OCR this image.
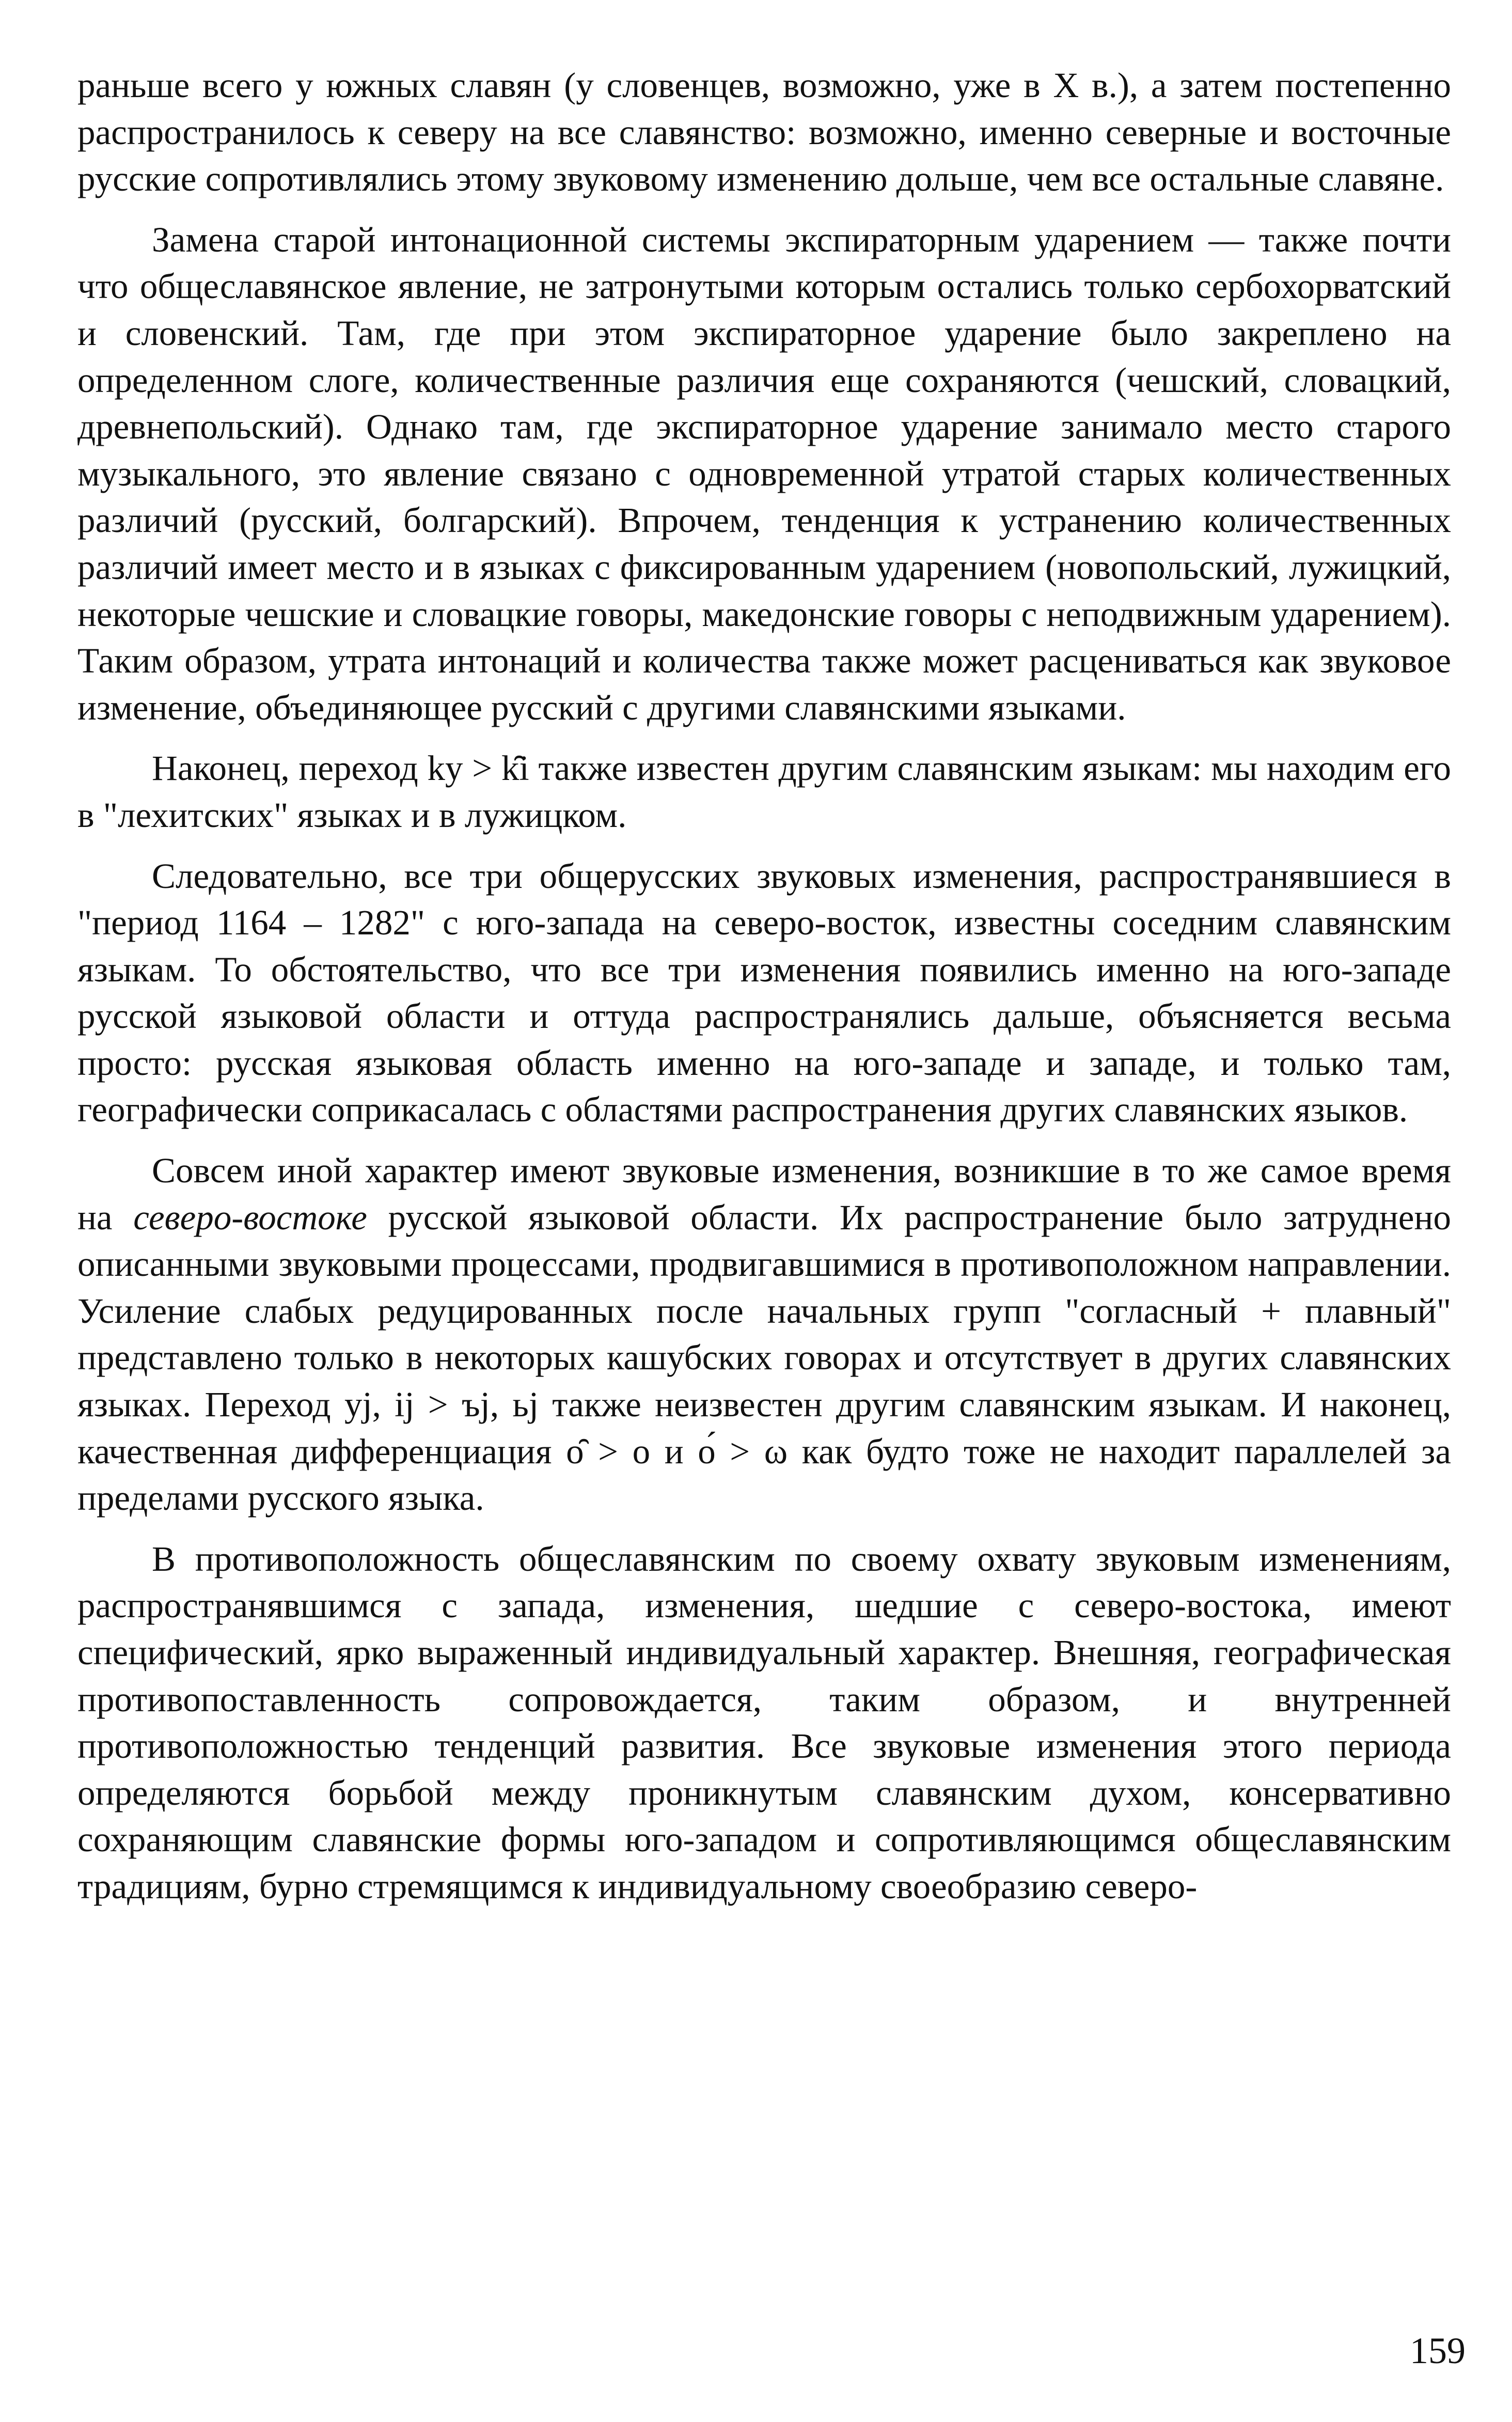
раньше всего у южных славян (у словенцев, возможно, уже в X в.), а затем постепенно распространилось к северу на все славянство: возможно, именно северные и восточные русские сопротивлялись этому звуковому изменению дольше, чем все остальные славяне.

Замена старой интонационной системы экспираторным ударением — также почти что общеславянское явление, не затронутыми которым остались только сербохорватский и словенский. Там, где при этом экспираторное ударение было закреплено на определенном слоге, количественные различия еще сохраняются (чешский, словацкий, древнепольский). Однако там, где экспираторное ударение занимало место старого музыкального, это явление связано с одновременной утратой старых количественных различий (русский, болгарский). Впрочем, тенденция к устранению количественных различий имеет место и в языках с фиксированным ударением (новопольский, лужицкий, некоторые чешские и словацкие говоры, македонские говоры с неподвижным ударением). Таким образом, утрата интонаций и количества также может расцениваться как звуковое изменение, объединяющее русский с другими славянскими языками.

Наконец, переход ky > k̑i также известен другим славянским языкам: мы находим его в "лехитских" языках и в лужицком.

Следовательно, все три общерусских звуковых изменения, распространявшиеся в "период 1164 – 1282" с юго-запада на северо-восток, известны соседним славянским языкам. То обстоятельство, что все три изменения появились именно на юго-западе русской языковой области и оттуда распространялись дальше, объясняется весьма просто: русская языковая область именно на юго-западе и западе, и только там, географически соприкасалась с областями распространения других славянских языков.

Совсем иной характер имеют звуковые изменения, возникшие в то же самое время на северо-востоке русской языковой области. Их распространение было затруднено описанными звуковыми процессами, продвигавшимися в противоположном направлении. Усиление слабых редуцированных после начальных групп "согласный + плавный" представлено только в некоторых кашубских говорах и отсутствует в других славянских языках. Переход yj, ij > ъj, ьj также неизвестен другим славянским языкам. И наконец, качественная дифференциация о̑ > о и о́ > ω как будто тоже не находит параллелей за пределами русского языка.

В противоположность общеславянским по своему охвату звуковым изменениям, распространявшимся с запада, изменения, шедшие с северо-востока, имеют специфический, ярко выраженный индивидуальный характер. Внешняя, географическая противопоставленность сопровождается, таким образом, и внутренней противоположностью тенденций развития. Все звуковые изменения этого периода определяются борьбой между проникнутым славянским духом, консервативно сохраняющим славянские формы юго-западом и сопротивляющимся общеславянским традициям, бурно стремящимся к индивидуальному своеобразию северо-

159
